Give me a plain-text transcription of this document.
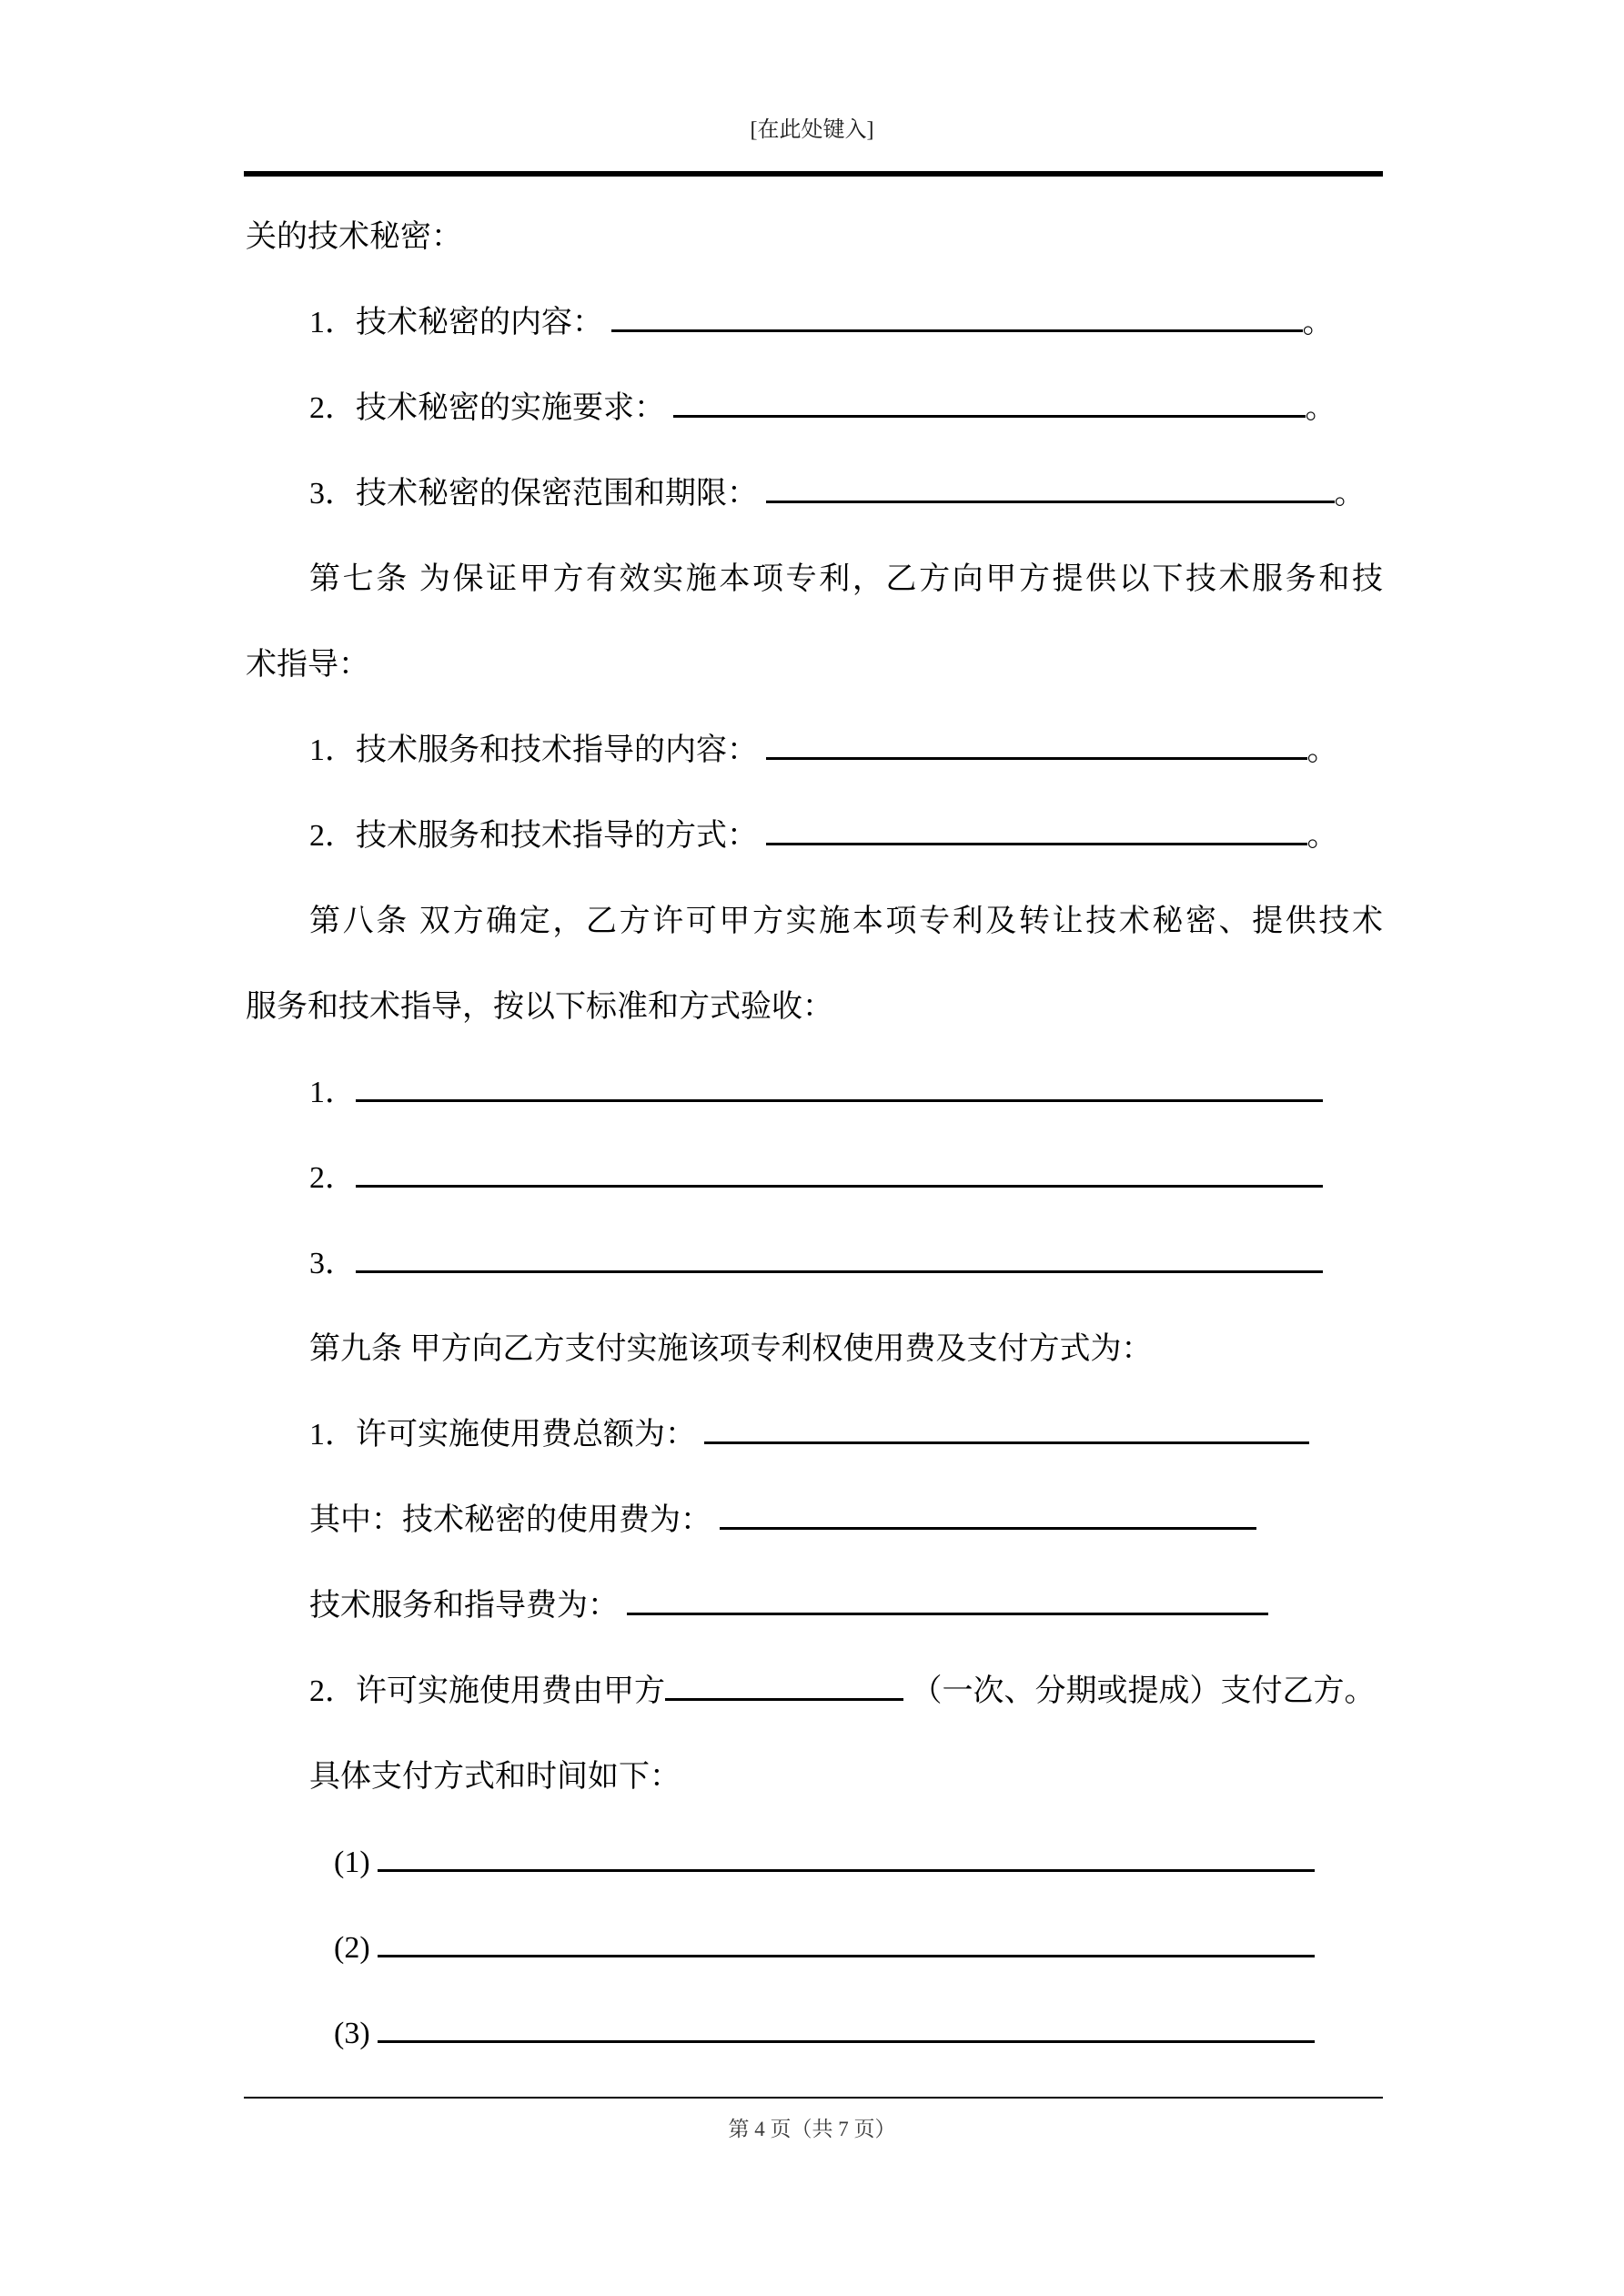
[在此处键入]
关的技术秘密：
1．技术秘密的内容：	。
2．技术秘密的实施要求：	。
3．技术秘密的保密范围和期限：	。
第七条 为保证甲方有效实施本项专利，乙方向甲方提供以下技术服务和技
术指导：
1．技术服务和技术指导的内容：	。
2．技术服务和技术指导的方式：	。
第八条 双方确定，乙方许可甲方实施本项专利及转让技术秘密、提供技术
服务和技术指导，按以下标准和方式验收：
1．
2．
3．
第九条 甲方向乙方支付实施该项专利权使用费及支付方式为：
1．许可实施使用费总额为：
其中：技术秘密的使用费为：
技术服务和指导费为：
2．许可实施使用费由甲方	（一次、分期或提成）支付乙方。
具体支付方式和时间如下：
(1)
(2)
(3)
第 4 页（共 7 页）
